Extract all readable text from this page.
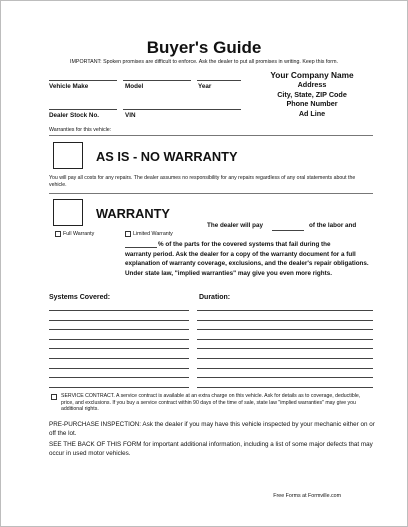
Buyer's Guide
IMPORTANT: Spoken promises are difficult to enforce. Ask the dealer to put all promises in writing. Keep this form.
Your Company Name
Address
City, State, ZIP Code
Phone Number
Ad Line
Vehicle Make	Model	Year
Dealer Stock No.	VIN
Warranties for this vehicle:
AS IS - NO WARRANTY
You will pay all costs for any repairs. The dealer assumes no responsibility for any repairs regardless of any oral statements about the vehicle.
WARRANTY
Full Warranty	Limited Warranty
The dealer will pay	of the labor and
% of the parts for the covered systems that fail during the
warranty period. Ask the dealer for a copy of the warranty document for a full explanation of warranty coverage, exclusions, and the dealer's repair obligations. Under state law, "implied warranties" may give you even more rights.
Systems Covered:	Duration:
SERVICE CONTRACT. A service contract is available at an extra charge on this vehicle. Ask for details as to coverage, deductible, price, and exclusions. If you buy a service contract within 90 days of the time of sale, state law "implied warranties" may give you additional rights.
PRE-PURCHASE INSPECTION: Ask the dealer if you may have this vehicle inspected by your mechanic either on or off the lot.
SEE THE BACK OF THIS FORM for important additional information, including a list of some major defects that may occur in used motor vehicles.
Free Forms at Formville.com
